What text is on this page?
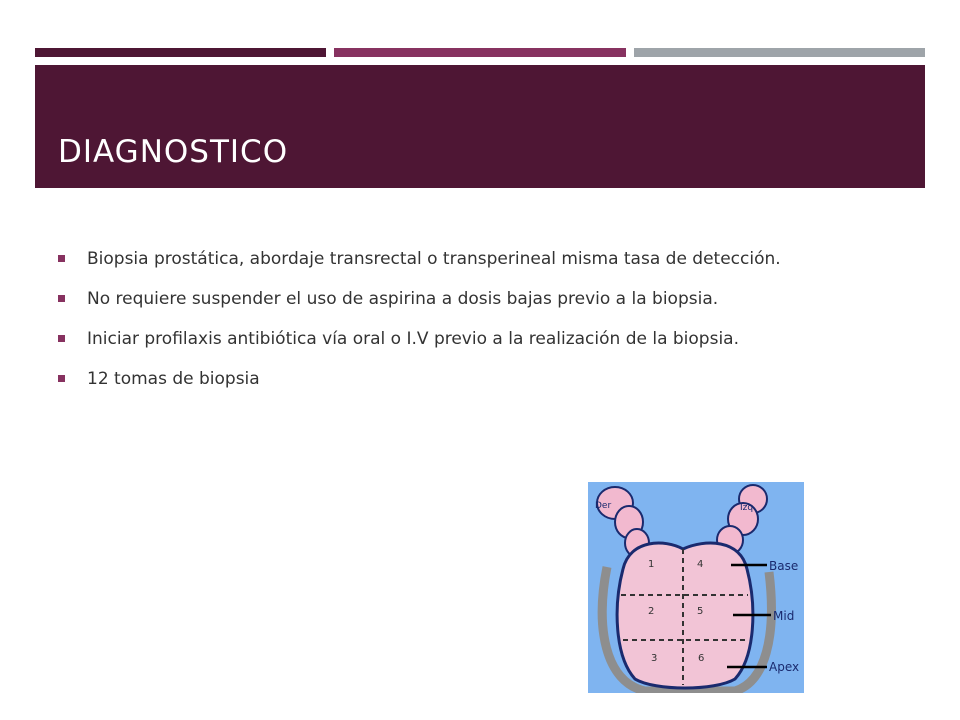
DIAGNOSTICO
Biopsia prostática, abordaje transrectal o transperineal misma tasa de detección.
No requiere suspender el uso de aspirina a dosis bajas previo a la biopsia.
Iniciar profilaxis antibiótica vía oral o I.V previo a la realización de la biopsia.
12 tomas de biopsia
Der	Izq
1	4
2	5
3	6
Base
Mid
Apex
